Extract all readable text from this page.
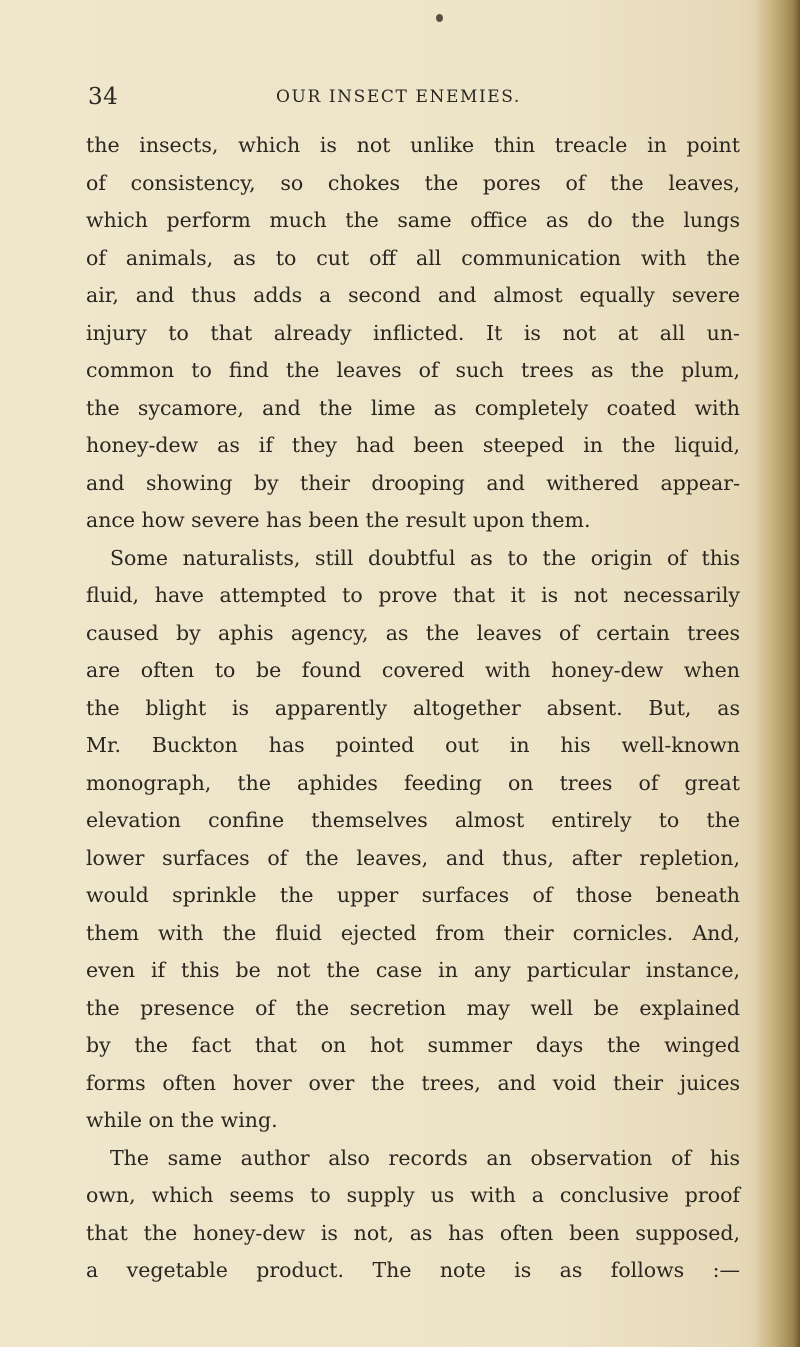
34	OUR INSECT ENEMIES.
the insects, which is not unlike thin treacle in point
of consistency, so chokes the pores of the leaves,
which perform much the same office as do the lungs
of animals, as to cut off all communication with the
air, and thus adds a second and almost equally severe
injury to that already inflicted. It is not at all un-
common to find the leaves of such trees as the plum,
the sycamore, and the lime as completely coated with
honey-dew as if they had been steeped in the liquid,
and showing by their drooping and withered appear-
ance how severe has been the result upon them.
Some naturalists, still doubtful as to the origin of this
fluid, have attempted to prove that it is not necessarily
caused by aphis agency, as the leaves of certain trees
are often to be found covered with honey-dew when
the blight is apparently altogether absent. But, as
Mr. Buckton has pointed out in his well-known
monograph, the aphides feeding on trees of great
elevation confine themselves almost entirely to the
lower surfaces of the leaves, and thus, after repletion,
would sprinkle the upper surfaces of those beneath
them with the fluid ejected from their cornicles. And,
even if this be not the case in any particular instance,
the presence of the secretion may well be explained
by the fact that on hot summer days the winged
forms often hover over the trees, and void their juices
while on the wing.
The same author also records an observation of his
own, which seems to supply us with a conclusive proof
that the honey-dew is not, as has often been supposed,
a vegetable product. The note is as follows :—
